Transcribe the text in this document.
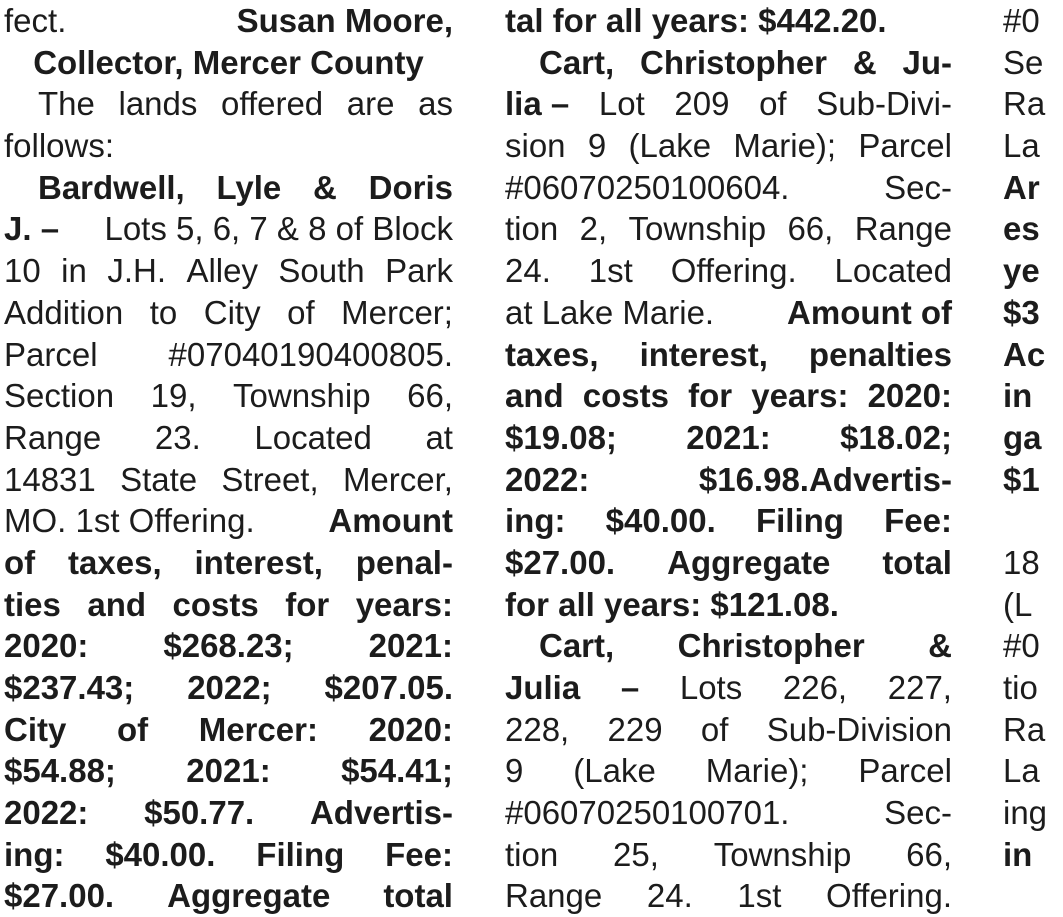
fect.	Susan Moore,
Collector, Mercer County
The lands offered are as
follows:
Bardwell, Lyle & Doris
J. – Lots 5, 6, 7 & 8 of Block
10 in J.H. Alley South Park
Addition to City of Mercer;
Parcel #07040190400805.
Section 19, Township 66,
Range 23. Located at
14831 State Street, Mercer,
MO. 1st Offering. Amount
of taxes, interest, penal-
ties and costs for years:
2020: $268.23; 2021:
$237.43; 2022; $207.05.
City of Mercer: 2020:
$54.88; 2021: $54.41;
2022: $50.77. Advertis-
ing: $40.00. Filing Fee:
$27.00. Aggregate total
tal for all years: $442.20.
Cart, Christopher & Ju-
lia – Lot 209 of Sub-Divi-
sion 9 (Lake Marie); Parcel
#06070250100604.	Sec-
tion 2, Township 66, Range
24. 1st Offering. Located
at Lake Marie. Amount of
taxes, interest, penalties
and costs for years: 2020:
$19.08; 2021: $18.02;
2022:	$16.98.Advertis-
ing: $40.00. Filing Fee:
$27.00. Aggregate total
for all years: $121.08.
Cart, Christopher &
Julia – Lots 226, 227,
228, 229 of Sub-Division
9 (Lake Marie); Parcel
#06070250100701.	Sec-
tion 25, Township 66,
Range 24. 1st Offering.
#0
Se
Ra
La
Ar
es
ye
$3
Ac
in
ga
$1
18
(L
#0
tio
Ra
La
ing
in
